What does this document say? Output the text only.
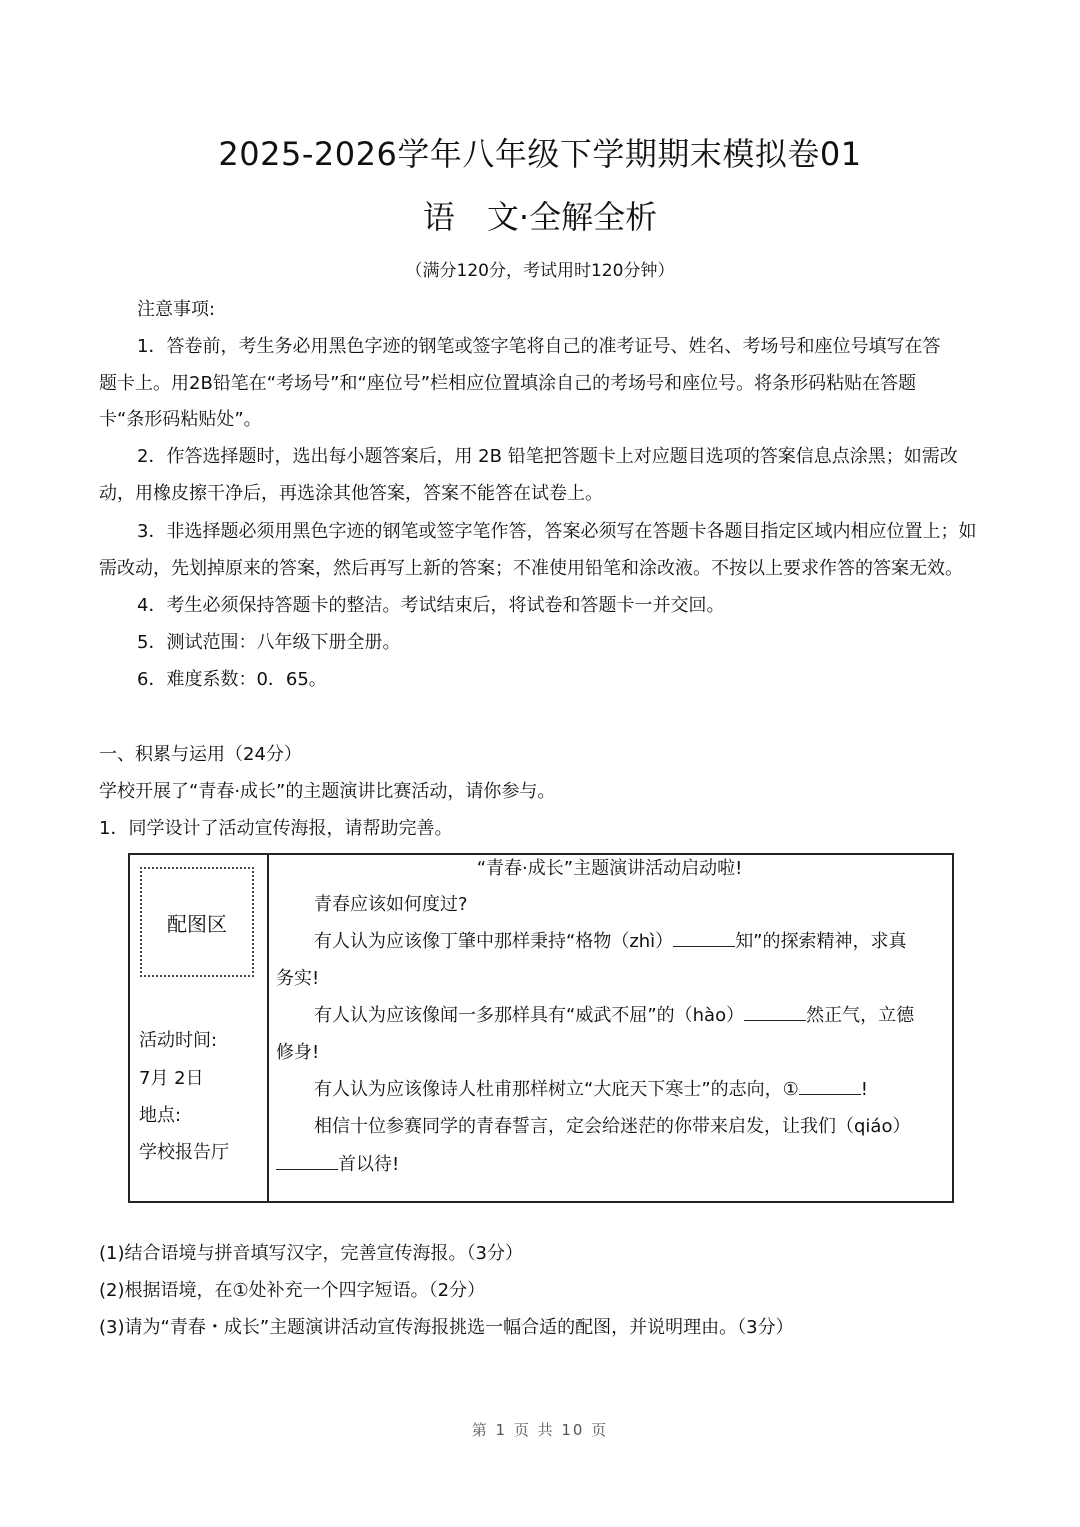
2025-2026学年八年级下学期期末模拟卷01
语　文·全解全析
（满分120分，考试用时120分钟）
注意事项:
1．答卷前，考生务必用黑色字迹的钢笔或签字笔将自己的准考证号、姓名、考场号和座位号填写在答
题卡上。用2B铅笔在“考场号”和“座位号”栏相应位置填涂自己的考场号和座位号。将条形码粘贴在答题
卡“条形码粘贴处”。
2．作答选择题时，选出每小题答案后，用 2B 铅笔把答题卡上对应题目选项的答案信息点涂黑；如需改
动，用橡皮擦干净后，再选涂其他答案，答案不能答在试卷上。
3．非选择题必须用黑色字迹的钢笔或签字笔作答，答案必须写在答题卡各题目指定区域内相应位置上；如
需改动，先划掉原来的答案，然后再写上新的答案；不准使用铅笔和涂改液。不按以上要求作答的答案无效。
4．考生必须保持答题卡的整洁。考试结束后，将试卷和答题卡一并交回。
5．测试范围：八年级下册全册。
6．难度系数：0．65。
一、积累与运用（24分）
学校开展了“青春·成长”的主题演讲比赛活动，请你参与。
1．同学设计了活动宣传海报，请帮助完善。
配图区
活动时间:
7月 2日
地点:
学校报告厅
“青春·成长”主题演讲活动启动啦!
青春应该如何度过?
有人认为应该像丁肇中那样秉持“格物（zhì）	知”的探索精神，求真
务实!
有人认为应该像闻一多那样具有“威武不屈”的（hào）	然正气，立德
修身!
有人认为应该像诗人杜甫那样树立“大庇天下寒士”的志向，①	!
相信十位参赛同学的青春誓言，定会给迷茫的你带来启发，让我们（qiáo）
首以待!
(1)结合语境与拼音填写汉字，完善宣传海报。（3分）
(2)根据语境，在①处补充一个四字短语。（2分）
(3)请为“青春・成长”主题演讲活动宣传海报挑选一幅合适的配图，并说明理由。（3分）
第 1 页 共 10 页
